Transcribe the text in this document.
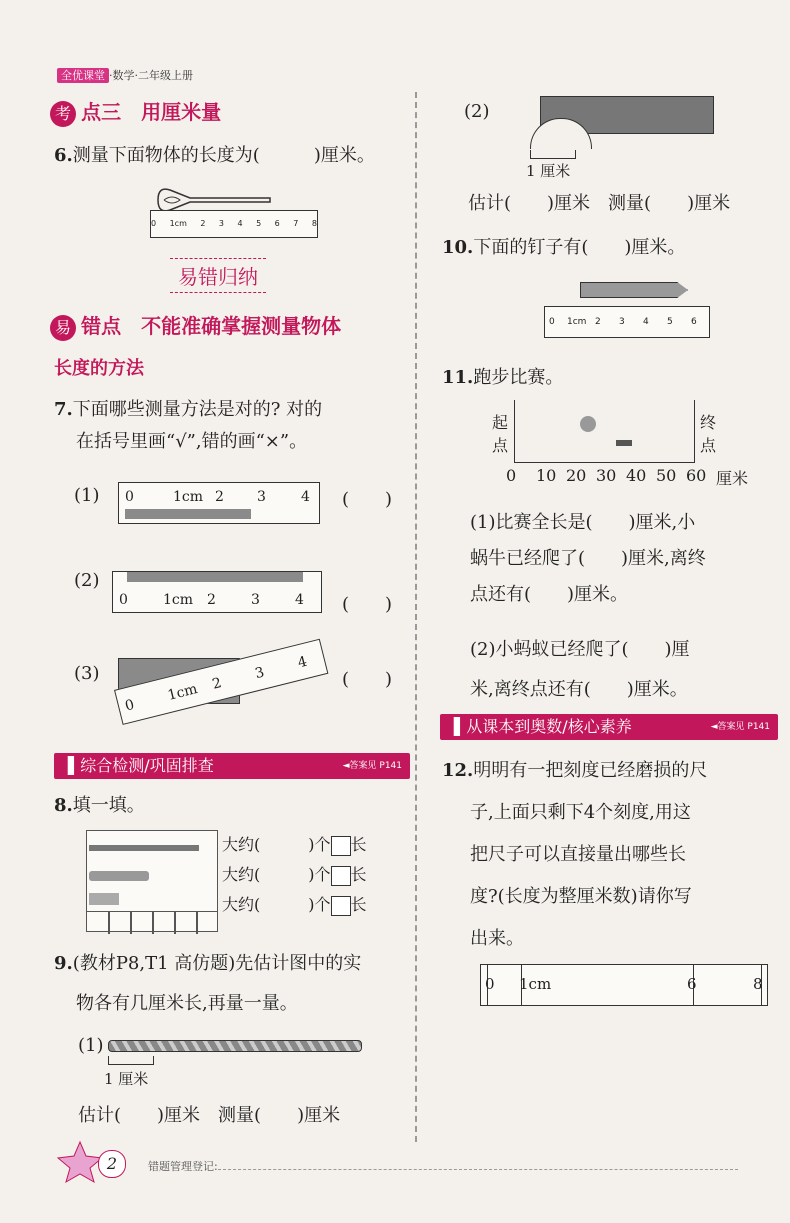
全优课堂 ·数学·二年级上册
考 点三　用厘米量
6.测量下面物体的长度为(　　　)厘米。
0 1cm 2 3 4 5 6 7 8
易错归纳
易 错点　不能准确掌握测量物体
长度的方法
7.下面哪些测量方法是对的? 对的
在括号里画“√”,错的画“×”。
(1) 0	1cm 2 3	4 (　　)
(2)
0	1cm 2	3	4 (　　)
(3)
0
1cm 2
3
4
(　　)
▌综合检测/巩固排查	◄答案见 P141
8.填一填。
大约(　　　)个 长
大约(　　　)个 长
大约(　　　)个 长
9.(教材P8,T1 高仿题)先估计图中的实
物各有几厘米长,再量一量。
(1)
1 厘米
估计(　　)厘米　测量(　　)厘米
(2)
1 厘米
估计(　　)厘米　测量(　　)厘米
10.下面的钉子有(　　)厘米。
0 1cm 2 3 4 5 6
11.跑步比赛。
起
点
终
点
0	10 20 30 40 50 60 厘米
(1)比赛全长是(　　)厘米,小
蜗牛已经爬了(　　)厘米,离终
点还有(　　)厘米。
(2)小蚂蚁已经爬了(　　)厘
米,离终点还有(　　)厘米。
▌从课本到奥数/核心素养	◄答案见 P141
12.明明有一把刻度已经磨损的尺
子,上面只剩下4个刻度,用这
把尺子可以直接量出哪些长
度?(长度为整厘米数)请你写
出来。
0 1cm	6	8
2	错题管理登记:
